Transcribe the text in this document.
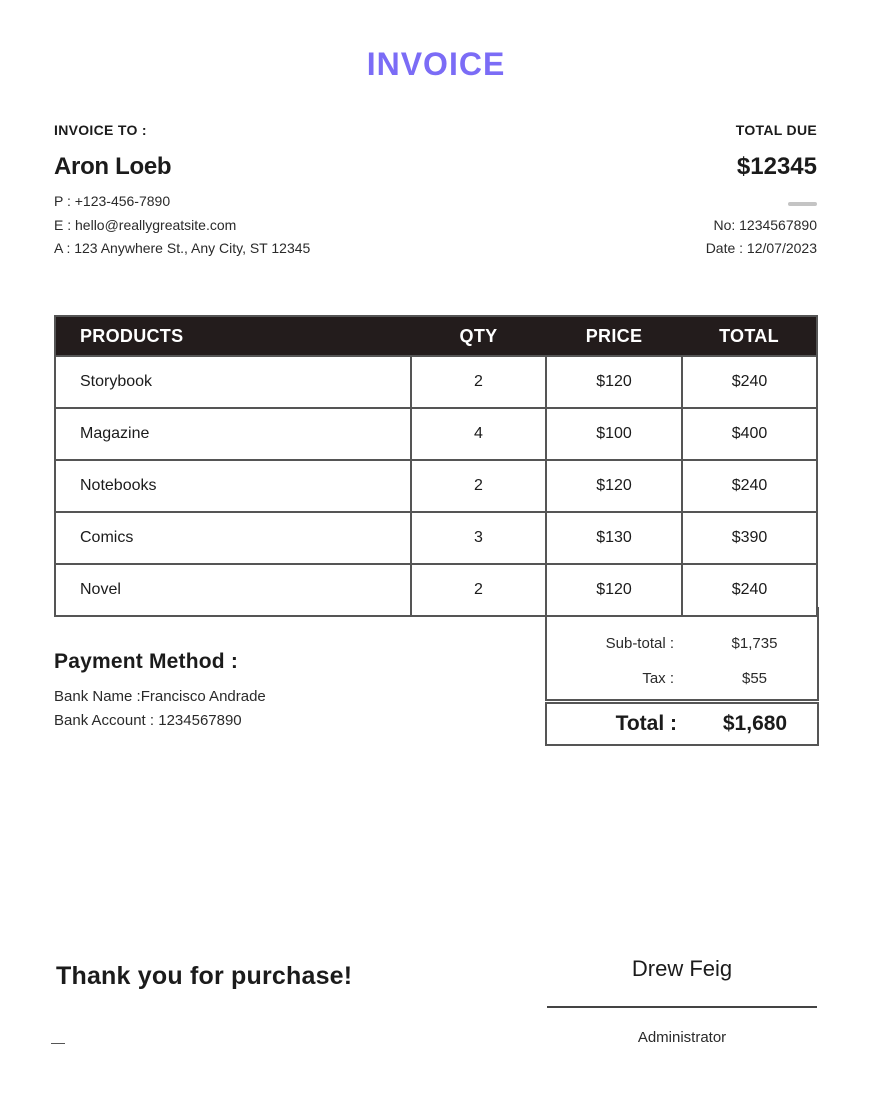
INVOICE
INVOICE TO :
Aron Loeb
P : +123-456-7890
E : hello@reallygreatsite.com
A : 123 Anywhere St., Any City, ST 12345
TOTAL DUE
$12345
No: 1234567890
Date : 12/07/2023
PRODUCTS	QTY	PRICE	TOTAL
Storybook	2	$120	$240
Magazine	4	$100	$400
Notebooks	2	$120	$240
Comics	3	$130	$390
Novel	2	$120	$240
Payment Method :
Bank Name :Francisco Andrade
Bank Account : 1234567890
Sub-total :	$1,735
Tax :	$55
Total :	$1,680
Thank you for purchase!	Drew Feig
Administrator
